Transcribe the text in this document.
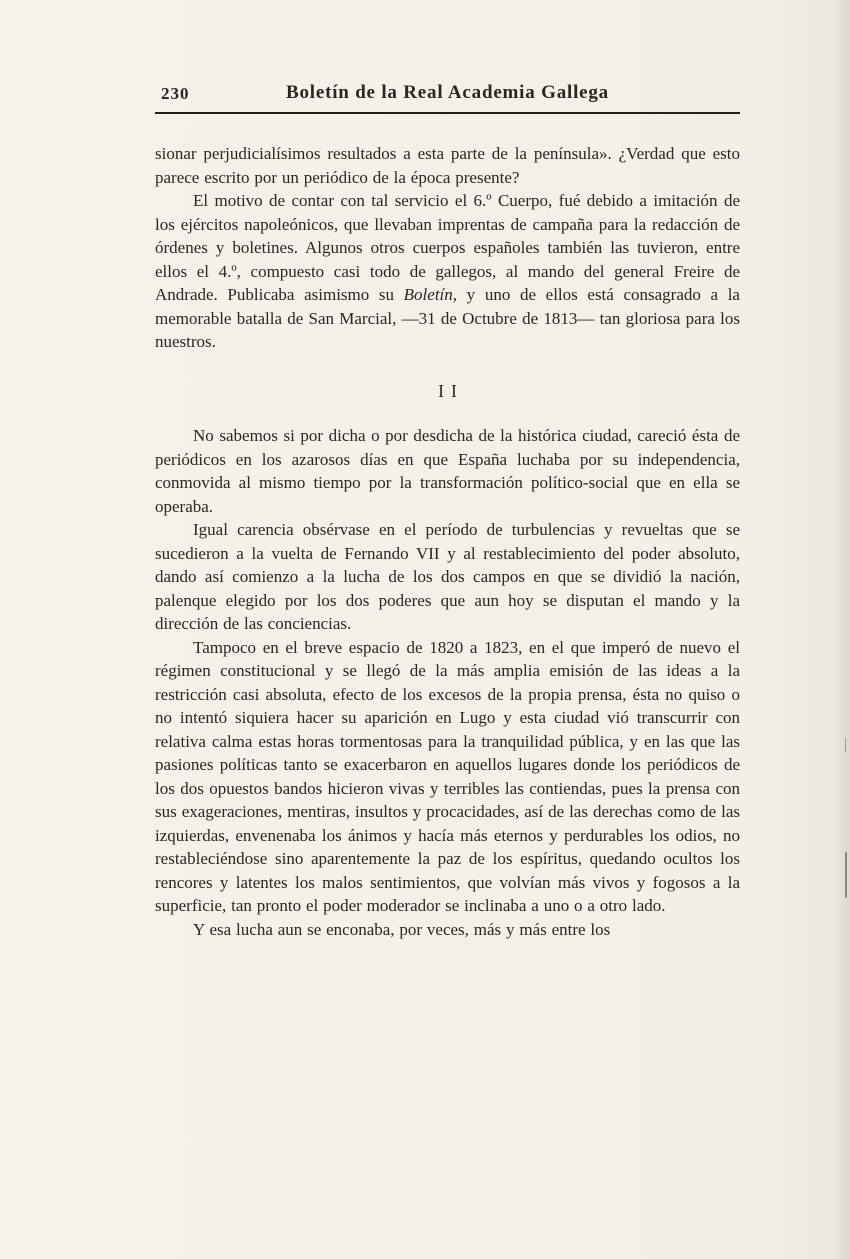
230	Boletín de la Real Academia Gallega

sionar perjudicialísimos resultados a esta parte de la península». ¿Verdad que esto parece escrito por un periódico de la época presente?

El motivo de contar con tal servicio el 6.º Cuerpo, fué debido a imitación de los ejércitos napoleónicos, que llevaban imprentas de campaña para la redacción de órdenes y boletines. Algunos otros cuerpos españoles también las tuvieron, entre ellos el 4.º, compuesto casi todo de gallegos, al mando del general Freire de Andrade. Publicaba asimismo su Boletín, y uno de ellos está consagrado a la memorable batalla de San Marcial, —31 de Octubre de 1813— tan gloriosa para los nuestros.

II

No sabemos si por dicha o por desdicha de la histórica ciudad, careció ésta de periódicos en los azarosos días en que España luchaba por su independencia, conmovida al mismo tiempo por la transformación político-social que en ella se operaba.

Igual carencia obsérvase en el período de turbulencias y revueltas que se sucedieron a la vuelta de Fernando VII y al restablecimiento del poder absoluto, dando así comienzo a la lucha de los dos campos en que se dividió la nación, palenque elegido por los dos poderes que aun hoy se disputan el mando y la dirección de las conciencias.

Tampoco en el breve espacio de 1820 a 1823, en el que imperó de nuevo el régimen constitucional y se llegó de la más amplia emisión de las ideas a la restricción casi absoluta, efecto de los excesos de la propia prensa, ésta no quiso o no intentó siquiera hacer su aparición en Lugo y esta ciudad vió transcurrir con relativa calma estas horas tormentosas para la tranquilidad pública, y en las que las pasiones políticas tanto se exacerbaron en aquellos lugares donde los periódicos de los dos opuestos bandos hicieron vivas y terribles las contiendas, pues la prensa con sus exageraciones, mentiras, insultos y procacidades, así de las derechas como de las izquierdas, envenenaba los ánimos y hacía más eternos y perdurables los odios, no restableciéndose sino aparentemente la paz de los espíritus, quedando ocultos los rencores y latentes los malos sentimientos, que volvían más vivos y fogosos a la superficie, tan pronto el poder moderador se inclinaba a uno o a otro lado.

Y esa lucha aun se enconaba, por veces, más y más entre los
